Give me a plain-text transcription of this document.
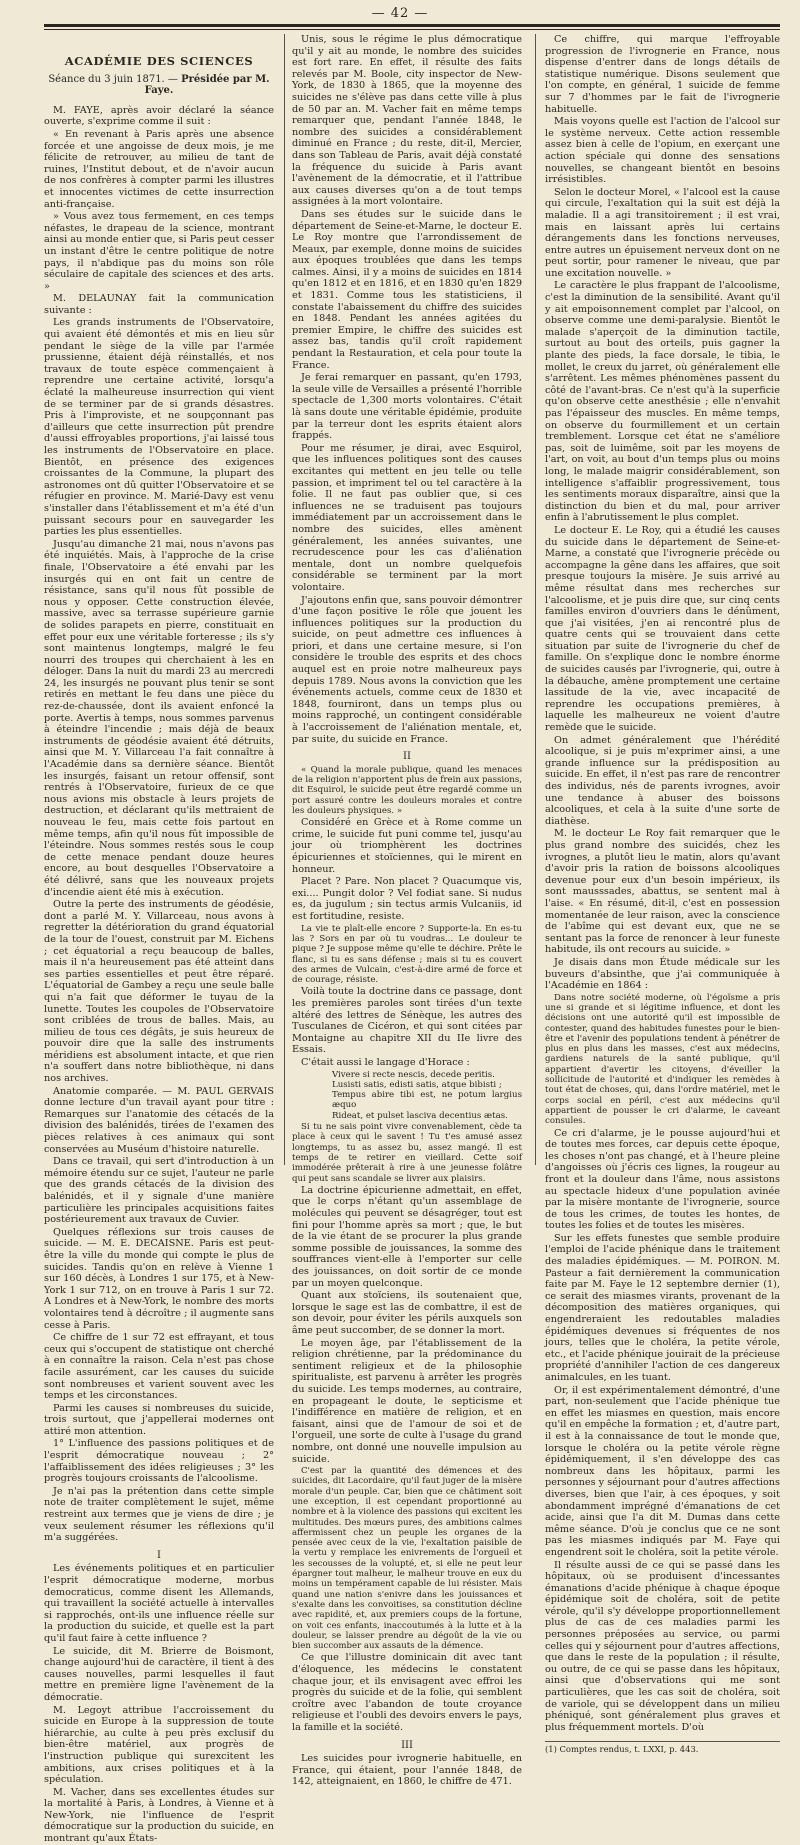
— 42 —

ACADÉMIE DES SCIENCES

Séance du 3 juin 1871. — Présidée par M. Faye.

M. FAYE, après avoir déclaré la séance ouverte, s'exprime comme il suit :

« En revenant à Paris après une absence forcée et une angoisse de deux mois, je me félicite de retrouver, au milieu de tant de ruines, l'Institut debout, et de n'avoir aucun de nos confrères à compter parmi les illustres et innocentes victimes de cette insurrection anti-française.

» Vous avez tous fermement, en ces temps néfastes, le drapeau de la science, montrant ainsi au monde entier que, si Paris peut cesser un instant d'être le centre politique de notre pays, il n'abdique pas du moins son rôle séculaire de capitale des sciences et des arts. »

M. DELAUNAY fait la communication suivante :

Les grands instruments de l'Observatoire, qui avaient été démontés et mis en lieu sûr pendant le siège de la ville par l'armée prussienne, étaient déjà réinstallés, et nos travaux de toute espèce commençaient à reprendre une certaine activité, lorsqu'a éclaté la malheureuse insurrection qui vient de se terminer par de si grands désastres. Pris à l'improviste, et ne soupçonnant pas d'ailleurs que cette insurrection pût prendre d'aussi effroyables proportions, j'ai laissé tous les instruments de l'Observatoire en place. Bientôt, en présence des exigences croissantes de la Commune, la plupart des astronomes ont dû quitter l'Observatoire et se réfugier en province. M. Marié-Davy est venu s'installer dans l'établissement et m'a été d'un puissant secours pour en sauvegarder les parties les plus essentielles.

Jusqu'au dimanche 21 mai, nous n'avons pas été inquiétés. Mais, à l'approche de la crise finale, l'Observatoire a été envahi par les insurgés qui en ont fait un centre de résistance, sans qu'il nous fût possible de nous y opposer. Cette construction élevée, massive, avec sa terrasse supérieure garnie de solides parapets en pierre, constituait en effet pour eux une véritable forteresse ; ils s'y sont maintenus longtemps, malgré le feu nourri des troupes qui cherchaient à les en déloger. Dans la nuit du mardi 23 au mercredi 24, les insurgés ne pouvant plus tenir se sont retirés en mettant le feu dans une pièce du rez-de-chaussée, dont ils avaient enfoncé la porte. Avertis à temps, nous sommes parvenus à éteindre l'incendie ; mais déjà de beaux instruments de géodésie avaient été détruits, ainsi que M. Y. Villarceau l'a fait connaître à l'Académie dans sa dernière séance. Bientôt les insurgés, faisant un retour offensif, sont rentrés à l'Observatoire, furieux de ce que nous avions mis obstacle à leurs projets de destruction, et déclarant qu'ils mettraient de nouveau le feu, mais cette fois partout en même temps, afin qu'il nous fût impossible de l'éteindre. Nous sommes restés sous le coup de cette menace pendant douze heures encore, au bout desquelles l'Observatoire a été délivré, sans que les nouveaux projets d'incendie aient été mis à exécution.

Outre la perte des instruments de géodésie, dont a parlé M. Y. Villarceau, nous avons à regretter la détérioration du grand équatorial de la tour de l'ouest, construit par M. Eichens ; cet équatorial a reçu beaucoup de balles, mais il n'a heureusement pas été atteint dans ses parties essentielles et peut être réparé. L'équatorial de Gambey a reçu une seule balle qui n'a fait que déformer le tuyau de la lunette. Toutes les coupoles de l'Observatoire sont criblées de trous de balles. Mais, au milieu de tous ces dégâts, je suis heureux de pouvoir dire que la salle des instruments méridiens est absolument intacte, et que rien n'a souffert dans notre bibliothèque, ni dans nos archives.

Anatomie comparée. — M. PAUL GERVAIS donne lecture d'un travail ayant pour titre : Remarques sur l'anatomie des cétacés de la division des balénidés, tirées de l'examen des pièces relatives à ces animaux qui sont conservées au Muséum d'histoire naturelle.

Dans ce travail, qui sert d'introduction à un mémoire étendu sur ce sujet, l'auteur ne parle que des grands cétacés de la division des balénidés, et il y signale d'une manière particulière les principales acquisitions faites postérieurement aux travaux de Cuvier.

Quelques réflexions sur trois causes de suicide. — M. E. DECAISNE. Paris est peut-être la ville du monde qui compte le plus de suicides. Tandis qu'on en relève à Vienne 1 sur 160 décès, à Londres 1 sur 175, et à New-York 1 sur 712, on en trouve à Paris 1 sur 72. A Londres et à New-York, le nombre des morts volontaires tend à décroître ; il augmente sans cesse à Paris.

Ce chiffre de 1 sur 72 est effrayant, et tous ceux qui s'occupent de statistique ont cherché à en connaître la raison. Cela n'est pas chose facile assurément, car les causes du suicide sont nombreuses et varient souvent avec les temps et les circonstances.

Parmi les causes si nombreuses du suicide, trois surtout, que j'appellerai modernes ont attiré mon attention.

1° L'influence des passions politiques et de l'esprit démocratique nouveau ; 2° l'affaiblissement des idées religieuses ; 3° les progrès toujours croissants de l'alcoolisme.

Je n'ai pas la prétention dans cette simple note de traiter complètement le sujet, même restreint aux termes que je viens de dire ; je veux seulement résumer les réflexions qu'il m'a suggérées.

I

Les événements politiques et en particulier l'esprit démocratique moderne, morbus democraticus, comme disent les Allemands, qui travaillent la société actuelle à intervalles si rapprochés, ont-ils une influence réelle sur la production du suicide, et quelle est la part qu'il faut faire à cette influence ?

Le suicide, dit M. Brierre de Boismont, change aujourd'hui de caractère, il tient à des causes nouvelles, parmi lesquelles il faut mettre en première ligne l'avènement de la démocratie.

M. Legoyt attribue l'accroissement du suicide en Europe à la suppression de toute hiérarchie, au culte à peu près exclusif du bien-être matériel, aux progrès de l'instruction publique qui surexcitent les ambitions, aux crises politiques et à la spéculation.

M. Vacher, dans ses excellentes études sur la mortalité à Paris, à Londres, à Vienne et à New-York, nie l'influence de l'esprit démocratique sur la production du suicide, en montrant qu'aux États-

Unis, sous le régime le plus démocratique qu'il y ait au monde, le nombre des suicides est fort rare. En effet, il résulte des faits relevés par M. Boole, city inspector de New-York, de 1830 à 1865, que la moyenne des suicides ne s'élève pas dans cette ville à plus de 50 par an. M. Vacher fait en même temps remarquer que, pendant l'année 1848, le nombre des suicides a considérablement diminué en France ; du reste, dit-il, Mercier, dans son Tableau de Paris, avait déjà constaté la fréquence du suicide à Paris avant l'avènement de la démocratie, et il l'attribue aux causes diverses qu'on a de tout temps assignées à la mort volontaire.

Dans ses études sur le suicide dans le département de Seine-et-Marne, le docteur E. Le Roy montre que l'arrondissement de Meaux, par exemple, donne moins de suicides aux époques troublées que dans les temps calmes. Ainsi, il y a moins de suicides en 1814 qu'en 1812 et en 1816, et en 1830 qu'en 1829 et 1831. Comme tous les statisticiens, il constate l'abaissement du chiffre des suicides en 1848. Pendant les années agitées du premier Empire, le chiffre des suicides est assez bas, tandis qu'il croît rapidement pendant la Restauration, et cela pour toute la France.

Je ferai remarquer en passant, qu'en 1793, la seule ville de Versailles a présenté l'horrible spectacle de 1,300 morts volontaires. C'était là sans doute une véritable épidémie, produite par la terreur dont les esprits étaient alors frappés.

Pour me résumer, je dirai, avec Esquirol, que les influences politiques sont des causes excitantes qui mettent en jeu telle ou telle passion, et impriment tel ou tel caractère à la folie. Il ne faut pas oublier que, si ces influences ne se traduisent pas toujours immédiatement par un accroissement dans le nombre des suicides, elles amènent généralement, les années suivantes, une recrudescence pour les cas d'aliénation mentale, dont un nombre quelquefois considérable se terminent par la mort volontaire.

J'ajoutons enfin que, sans pouvoir démontrer d'une façon positive le rôle que jouent les influences politiques sur la production du suicide, on peut admettre ces influences à priori, et dans une certaine mesure, si l'on considère le trouble des esprits et des chocs auquel est en proie notre malheureux pays depuis 1789. Nous avons la conviction que les événements actuels, comme ceux de 1830 et 1848, fourniront, dans un temps plus ou moins rapproché, un contingent considérable à l'accroissement de l'aliénation mentale, et, par suite, du suicide en France.

II

« Quand la morale publique, quand les menaces de la religion n'apportent plus de frein aux passions, dit Esquirol, le suicide peut être regardé comme un port assuré contre les douleurs morales et contre les douleurs physiques. »

Considéré en Grèce et à Rome comme un crime, le suicide fut puni comme tel, jusqu'au jour où triomphèrent les doctrines épicuriennes et stoïciennes, qui le mirent en honneur.

Placet ? Pare. Non placet ? Quacumque vis, exi.... Pungit dolor ? Vel fodiat sane. Si nudus es, da jugulum ; sin tectus armis Vulcaniis, id est fortitudine, resiste.

La vie te plaît-elle encore ? Supporte-la. En es-tu las ? Sors en par où tu voudras... Le douleur te pique ? Je suppose même qu'elle te déchire. Prête le flanc, si tu es sans défense ; mais si tu es couvert des armes de Vulcain, c'est-à-dire armé de force et de courage, résiste.

Voilà toute la doctrine dans ce passage, dont les premières paroles sont tirées d'un texte altéré des lettres de Sénèque, les autres des Tusculanes de Cicéron, et qui sont citées par Montaigne au chapitre XII du IIe livre des Essais.

C'était aussi le langage d'Horace :

Vivere si recte nescis, decede peritis.
Lusisti satis, edisti satis, atque bibisti ;
Tempus abire tibi est, ne potum largius æquo
Rideat, et pulset lasciva decentius ætas.

Si tu ne sais point vivre convenablement, cède ta place à ceux qui le savent ! Tu t'es amusé assez longtemps, tu as assez bu, assez mangé. Il est temps de te retirer en vieillard. Cette soif immodérée prêterait à rire à une jeunesse folâtre qui peut sans scandale se livrer aux plaisirs.

La doctrine épicurienne admettait, en effet, que le corps n'étant qu'un assemblage de molécules qui peuvent se désagréger, tout est fini pour l'homme après sa mort ; que, le but de la vie étant de se procurer la plus grande somme possible de jouissances, la somme des souffrances vient-elle à l'emporter sur celle des jouissances, on doit sortir de ce monde par un moyen quelconque.

Quant aux stoïciens, ils soutenaient que, lorsque le sage est las de combattre, il est de son devoir, pour éviter les périls auxquels son âme peut succomber, de se donner la mort.

Le moyen âge, par l'établissement de la religion chrétienne, par la prédominance du sentiment religieux et de la philosophie spiritualiste, est parvenu à arrêter les progrès du suicide. Les temps modernes, au contraire, en propageant le doute, le septicisme et l'indifférence en matière de religion, et en faisant, ainsi que de l'amour de soi et de l'orgueil, une sorte de culte à l'usage du grand nombre, ont donné une nouvelle impulsion au suicide.

C'est par la quantité des démences et des suicides, dit Lacordaire, qu'il faut juger de la misère morale d'un peuple. Car, bien que ce châtiment soit une exception, il est cependant proportionné au nombre et à la violence des passions qui excitent les multitudes. Des mœurs pures, des ambitions calmes affermissent chez un peuple les organes de la pensée avec ceux de la vie, l'exaltation paisible de la vertu y remplace les enivrements de l'orgueil et les secousses de la volupté, et, si elle ne peut leur épargner tout malheur, le malheur trouve en eux du moins un tempérament capable de lui résister. Mais quand une nation s'enivre dans les jouissances et s'exalte dans les convoitises, sa constitution décline avec rapidité, et, aux premiers coups de la fortune, on voit ces enfants, inaccoutumés à la lutte et à la douleur, se laisser prendre au dégoût de la vie ou bien succomber aux assauts de la démence.

Ce que l'illustre dominicain dit avec tant d'éloquence, les médecins le constatent chaque jour, et ils envisagent avec effroi les progrès du suicide et de la folie, qui semblent croître avec l'abandon de toute croyance religieuse et l'oubli des devoirs envers le pays, la famille et la société.

III

Les suicides pour ivrognerie habituelle, en France, qui étaient, pour l'année 1848, de 142, atteignaient, en 1860, le chiffre de 471.

Ce chiffre, qui marque l'effroyable progression de l'ivrognerie en France, nous dispense d'entrer dans de longs détails de statistique numérique. Disons seulement que l'on compte, en général, 1 suicide de femme sur 7 d'hommes par le fait de l'ivrognerie habituelle.

Mais voyons quelle est l'action de l'alcool sur le système nerveux. Cette action ressemble assez bien à celle de l'opium, en exerçant une action spéciale qui donne des sensations nouvelles, se changeant bientôt en besoins irrésistibles.

Selon le docteur Morel, « l'alcool est la cause qui circule, l'exaltation qui la suit est déjà la maladie. Il a agi transitoirement ; il est vrai, mais en laissant après lui certains dérangements dans les fonctions nerveuses, entre autres un épuisement nerveux dont on ne peut sortir, pour ramener le niveau, que par une excitation nouvelle. »

Le caractère le plus frappant de l'alcoolisme, c'est la diminution de la sensibilité. Avant qu'il y ait empoisonnement complet par l'alcool, on observe comme une demi-paralysie. Bientôt le malade s'aperçoit de la diminution tactile, surtout au bout des orteils, puis gagner la plante des pieds, la face dorsale, le tibia, le mollet, le creux du jarret, où généralement elle s'arrêtent. Les mêmes phénomènes passent du côté de l'avant-bras. Ce n'est qu'à la superficie qu'on observe cette anesthésie ; elle n'envahit pas l'épaisseur des muscles. En même temps, on observe du fourmillement et un certain tremblement. Lorsque cet état ne s'améliore pas, soit de luimême, soit par les moyens de l'art, on voit, au bout d'un temps plus ou moins long, le malade maigrir considérablement, son intelligence s'affaiblir progressivement, tous les sentiments moraux disparaître, ainsi que la distinction du bien et du mal, pour arriver enfin à l'abrutissement le plus complet.

Le docteur E. Le Roy, qui a étudié les causes du suicide dans le département de Seine-et-Marne, a constaté que l'ivrognerie précède ou accompagne la gêne dans les affaires, que soit presque toujours la misère. Je suis arrivé au même résultat dans mes recherches sur l'alcoolisme, et je puis dire que, sur cinq cents familles environ d'ouvriers dans le dénûment, que j'ai visitées, j'en ai rencontré plus de quatre cents qui se trouvaient dans cette situation par suite de l'ivrognerie du chef de famille. On s'explique donc le nombre énorme de suicides causés par l'ivrognerie, qui, outre à la débauche, amène promptement une certaine lassitude de la vie, avec incapacité de reprendre les occupations premières, à laquelle les malheureux ne voient d'autre remède que le suicide.

On admet généralement que l'hérédité alcoolique, si je puis m'exprimer ainsi, a une grande influence sur la prédisposition au suicide. En effet, il n'est pas rare de rencontrer des individus, nés de parents ivrognes, avoir une tendance à abuser des boissons alcooliques, et cela à la suite d'une sorte de diathèse.

M. le docteur Le Roy fait remarquer que le plus grand nombre des suicidés, chez les ivrognes, a plutôt lieu le matin, alors qu'avant d'avoir pris la ration de boissons alcooliques devenue pour eux d'un besoin impérieux, ils sont mausssades, abattus, se sentent mal à l'aise. « En résumé, dit-il, c'est en possession momentanée de leur raison, avec la conscience de l'abîme qui est devant eux, que ne se sentant pas la force de renoncer à leur funeste habitude, ils ont recours au suicide. »

Je disais dans mon Étude médicale sur les buveurs d'absinthe, que j'ai communiquée à l'Académie en 1864 :

Dans notre société moderne, où l'égoïsme a pris une si grande et si légitime influence, et dont les décisions ont une autorité qu'il est impossible de contester, quand des habitudes funestes pour le bien-être et l'avenir des populations tendent à pénétrer de plus en plus dans les masses, c'est aux médecins, gardiens naturels de la santé publique, qu'il appartient d'avertir les citoyens, d'éveiller la sollicitude de l'autorité et d'indiquer les remèdes à tout état de choses, qui, dans l'ordre matériel, met le corps social en péril, c'est aux médecins qu'il appartient de pousser le cri d'alarme, le caveant consules.

Ce cri d'alarme, je le pousse aujourd'hui et de toutes mes forces, car depuis cette époque, les choses n'ont pas changé, et à l'heure pleine d'angoisses où j'écris ces lignes, la rougeur au front et la douleur dans l'âme, nous assistons au spectacle hideux d'une population avinée par la misère montante de l'ivrognerie, source de tous les crimes, de toutes les hontes, de toutes les folies et de toutes les misères.

Sur les effets funestes que semble produire l'emploi de l'acide phénique dans le traitement des maladies épidémiques. — M. POIRON. M. Pasteur a fait dernièrement la communication faite par M. Faye le 12 septembre dernier (1), ce serait des miasmes virants, provenant de la décomposition des matières organiques, qui engendreraient les redoutables maladies épidémiques devenues si fréquentes de nos jours, telles que le choléra, la petite vérole, etc., et l'acide phénique jouirait de la précieuse propriété d'annihiler l'action de ces dangereux animalcules, en les tuant.

Or, il est expérimentalement démontré, d'une part, non-seulement que l'acide phénique tue en effet les miasmes en question, mais encore qu'il en empêche la formation ; et, d'autre part, il est à la connaissance de tout le monde que, lorsque le choléra ou la petite vérole règne épidémiquement, il s'en développe des cas nombreux dans les hôpitaux, parmi les personnes y séjournant pour d'autres affections diverses, bien que l'air, à ces époques, y soit abondamment imprégné d'émanations de cet acide, ainsi que l'a dit M. Dumas dans cette même séance. D'où je conclus que ce ne sont pas les miasmes indiqués par M. Faye qui engendrent soit le choléra, soit la petite vérole.

Il résulte aussi de ce qui se passé dans les hôpitaux, où se produisent d'incessantes émanations d'acide phénique à chaque époque épidémique soit de choléra, soit de petite vérole, qu'il s'y développe proportionnellement plus de cas de ces maladies parmi les personnes préposées au service, ou parmi celles qui y séjournent pour d'autres affections, que dans le reste de la population ; il résulte, ou outre, de ce qui se passe dans les hôpitaux, ainsi que d'observations qui me sont particulières, que les cas soit de choléra, soit de variole, qui se développent dans un milieu phéniqué, sont généralement plus graves et plus fréquemment mortels. D'où

(1) Comptes rendus, t. LXXI, p. 443.
